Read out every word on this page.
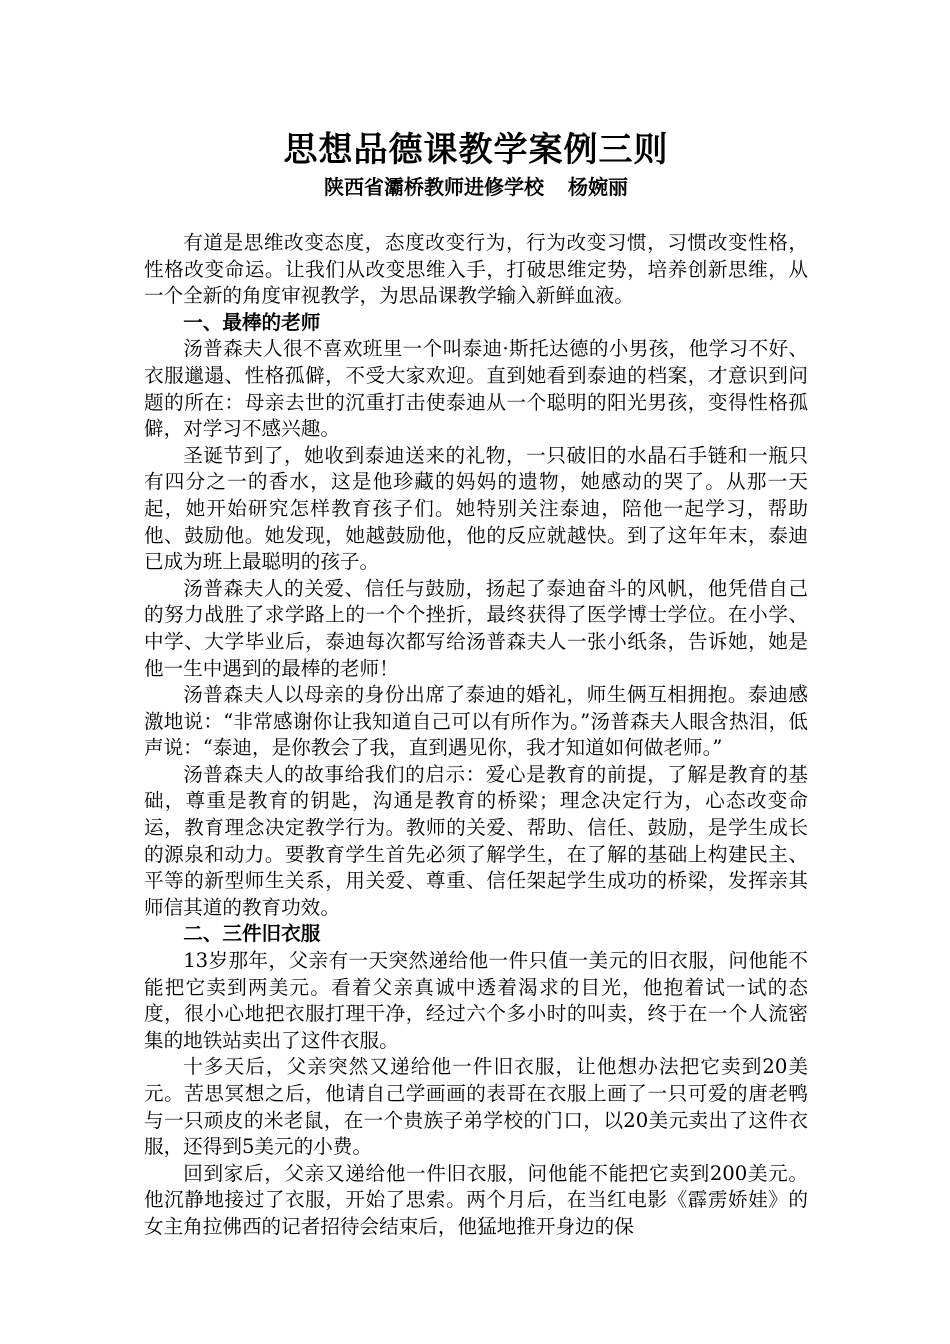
思想品德课教学案例三则
陕西省灞桥教师进修学校 杨婉丽

有道是思维改变态度，态度改变行为，行为改变习惯，习惯改变性格，性格改变命运。让我们从改变思维入手，打破思维定势，培养创新思维，从一个全新的角度审视教学，为思品课教学输入新鲜血液。

一、最棒的老师

汤普森夫人很不喜欢班里一个叫泰迪·斯托达德的小男孩，他学习不好、衣服邋遢、性格孤僻，不受大家欢迎。直到她看到泰迪的档案，才意识到问题的所在：母亲去世的沉重打击使泰迪从一个聪明的阳光男孩，变得性格孤僻，对学习不感兴趣。

圣诞节到了，她收到泰迪送来的礼物，一只破旧的水晶石手链和一瓶只有四分之一的香水，这是他珍藏的妈妈的遗物，她感动的哭了。从那一天起，她开始研究怎样教育孩子们。她特别关注泰迪，陪他一起学习，帮助他、鼓励他。她发现，她越鼓励他，他的反应就越快。到了这年年末，泰迪已成为班上最聪明的孩子。

汤普森夫人的关爱、信任与鼓励，扬起了泰迪奋斗的风帆，他凭借自己的努力战胜了求学路上的一个个挫折，最终获得了医学博士学位。在小学、中学、大学毕业后，泰迪每次都写给汤普森夫人一张小纸条，告诉她，她是他一生中遇到的最棒的老师！

汤普森夫人以母亲的身份出席了泰迪的婚礼，师生俩互相拥抱。泰迪感激地说：“非常感谢你让我知道自己可以有所作为。”汤普森夫人眼含热泪，低声说：“泰迪，是你教会了我，直到遇见你，我才知道如何做老师。”

汤普森夫人的故事给我们的启示：爱心是教育的前提，了解是教育的基础，尊重是教育的钥匙，沟通是教育的桥梁；理念决定行为，心态改变命运，教育理念决定教学行为。教师的关爱、帮助、信任、鼓励，是学生成长的源泉和动力。要教育学生首先必须了解学生，在了解的基础上构建民主、平等的新型师生关系，用关爱、尊重、信任架起学生成功的桥梁，发挥亲其师信其道的教育功效。

二、三件旧衣服

13岁那年，父亲有一天突然递给他一件只值一美元的旧衣服，问他能不能把它卖到两美元。看着父亲真诚中透着渴求的目光，他抱着试一试的态度，很小心地把衣服打理干净，经过六个多小时的叫卖，终于在一个人流密集的地铁站卖出了这件衣服。

十多天后，父亲突然又递给他一件旧衣服，让他想办法把它卖到20美元。苦思冥想之后，他请自己学画画的表哥在衣服上画了一只可爱的唐老鸭与一只顽皮的米老鼠，在一个贵族子弟学校的门口，以20美元卖出了这件衣服，还得到5美元的小费。

回到家后，父亲又递给他一件旧衣服，问他能不能把它卖到200美元。他沉静地接过了衣服，开始了思索。两个月后，在当红电影《霹雳娇娃》的女主角拉佛西的记者招待会结束后，他猛地推开身边的保
